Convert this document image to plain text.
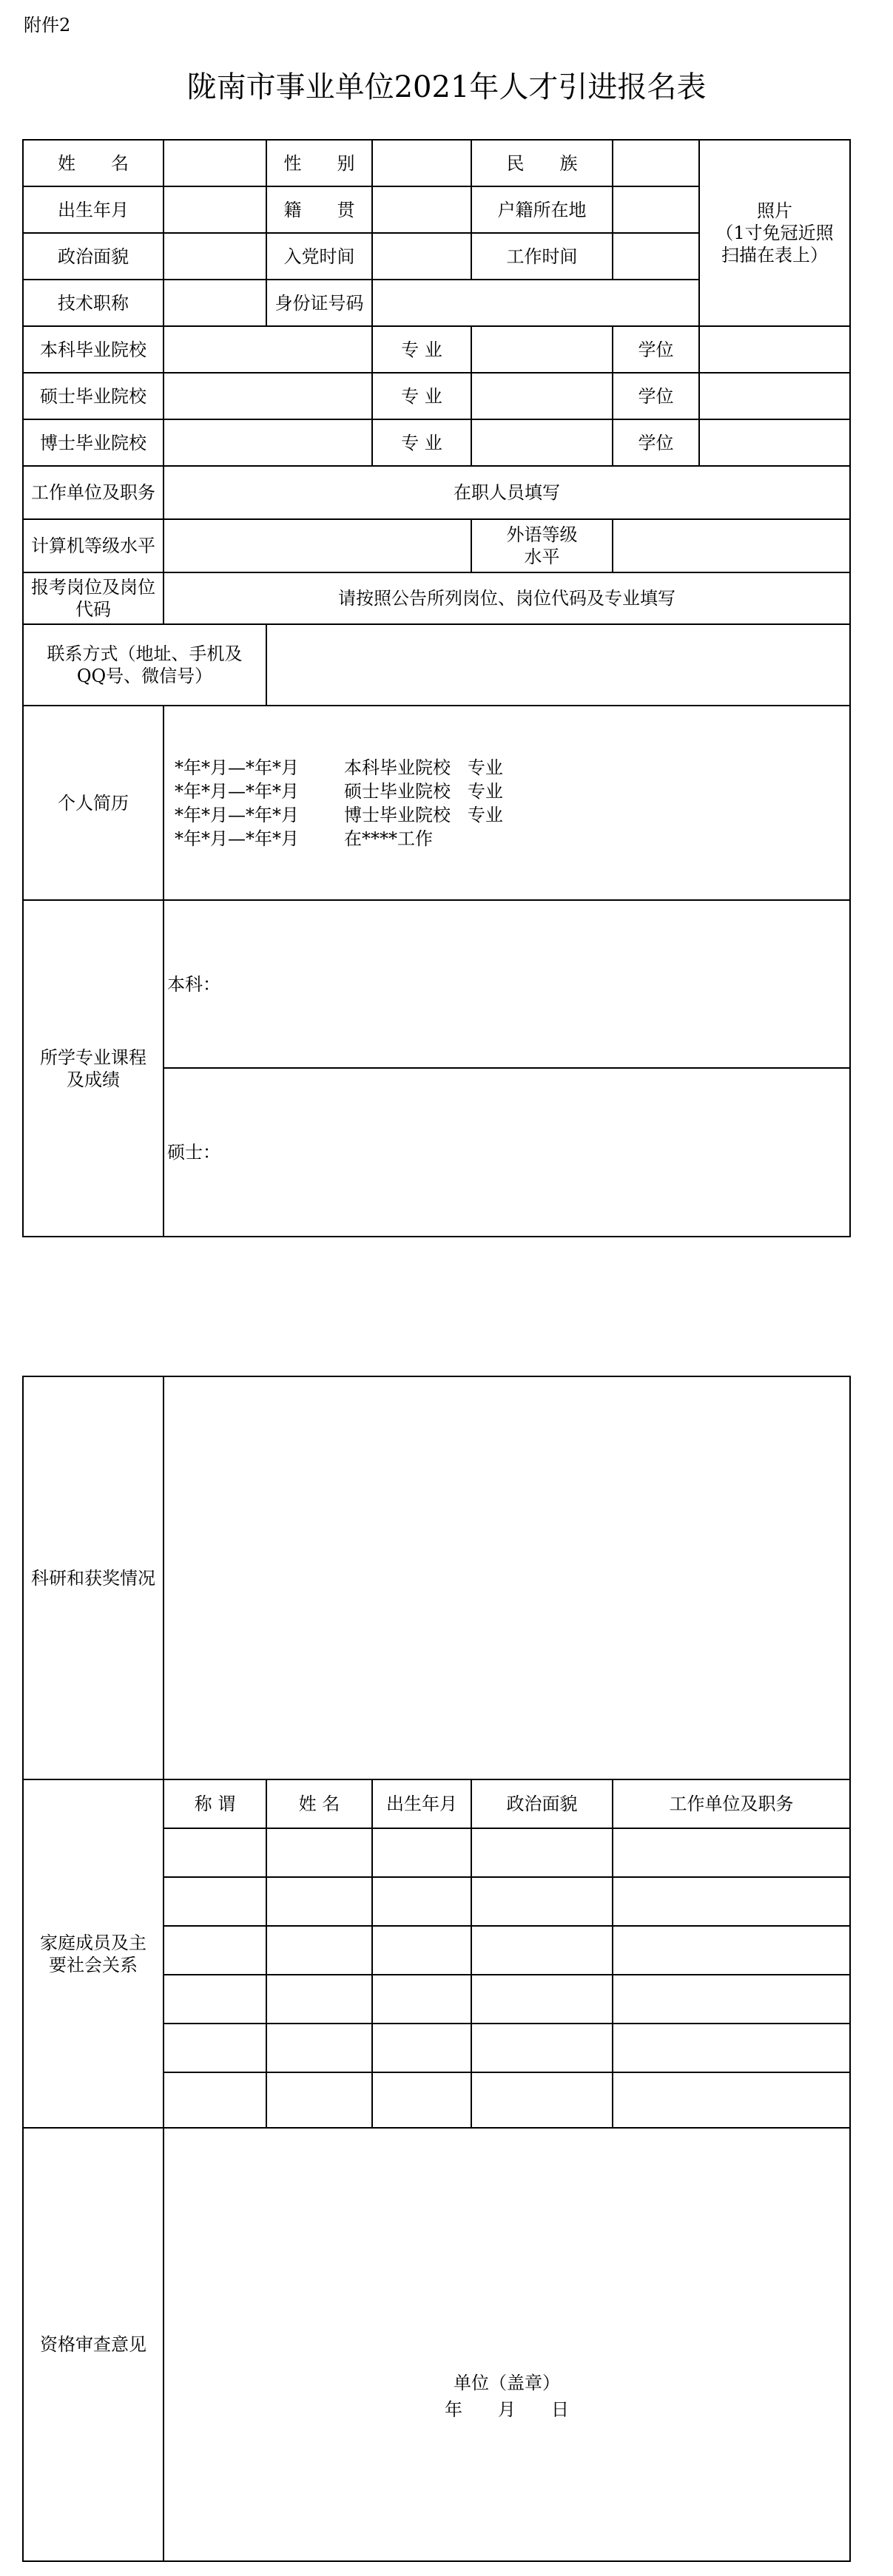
附件2
陇南市事业单位2021年人才引进报名表
姓　　名		性　　别		民　　族		照片
（1寸免冠近照扫描在表上）

出生年月		籍　　贯		户籍所在地		
政治面貌		入党时间		工作时间		
技术职称		身份证号码				
本科毕业院校			专 业		学位	
硕士毕业院校			专 业		学位	
博士毕业院校			专 业		学位	
工作单位及职务	在职人员填写					
计算机等级水平				外语等级水平		
报考岗位及岗位代码	请按照公告所列岗位、岗位代码及专业填写					
联系方式（地址、手机及QQ号、微信号）						
个人简历	*年*月—*年*月        本科毕业院校   专业
*年*月—*年*月        硕士毕业院校   专业
*年*月—*年*月        博士毕业院校   专业
*年*月—*年*月        在****工作					

所学专业课程及成绩	本科：					
	硕士：					
科研和获奖情况					
家庭成员及主要社会关系	称 谓	姓 名	出生年月	政治面貌	工作单位及职务

资格审查意见	单位（盖章）
年　　月　　日				
